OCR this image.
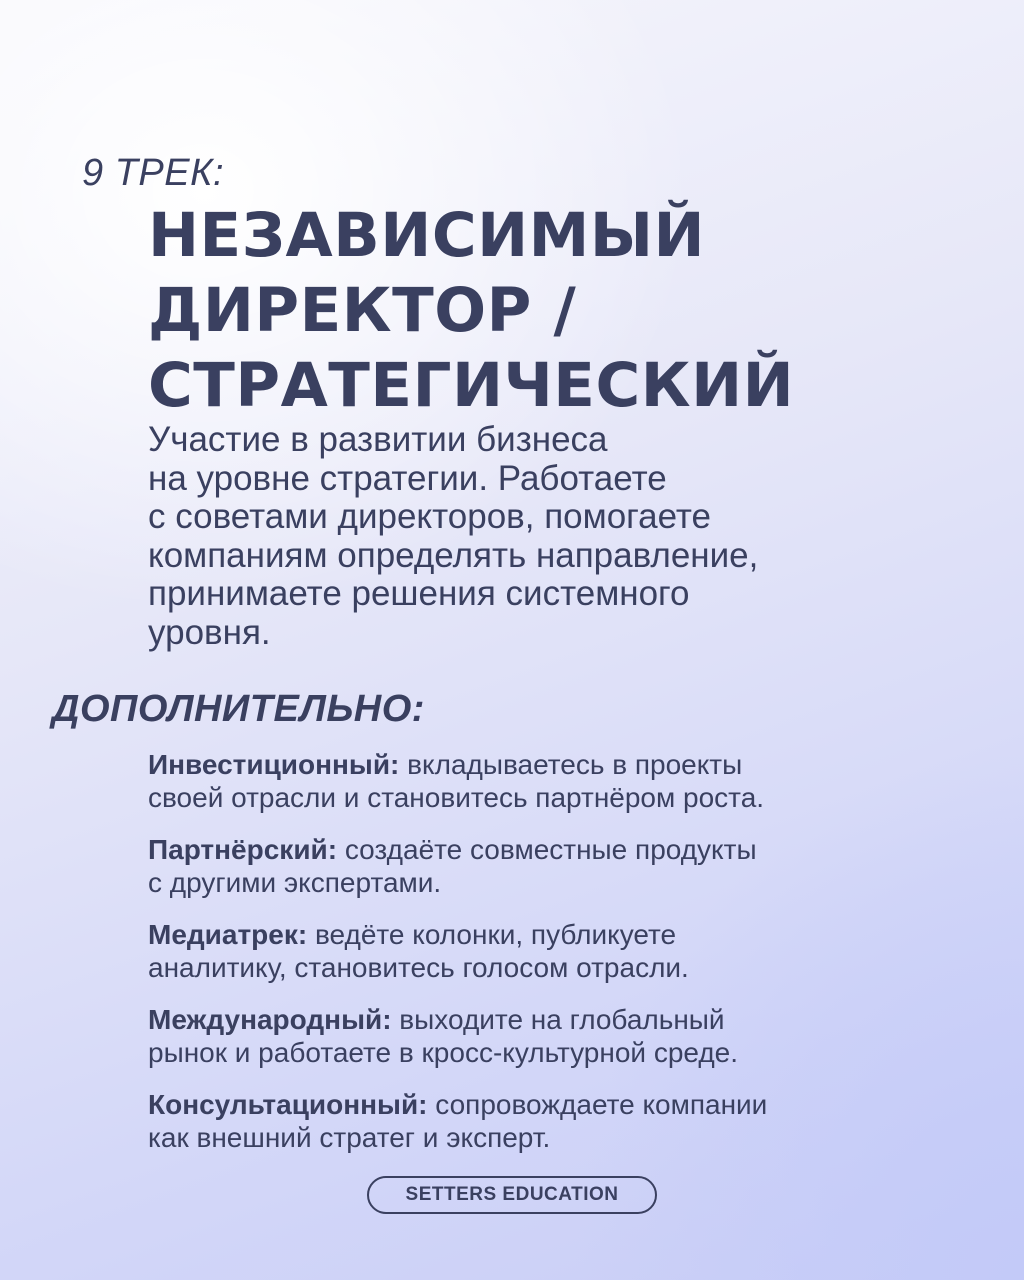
9 ТРЕК:

НЕЗАВИСИМЫЙ
ДИРЕКТОР /
СТРАТЕГИЧЕСКИЙ

Участие в развитии бизнеса
на уровне стратегии. Работаете
с советами директоров, помогаете
компаниям определять направление,
принимаете решения системного
уровня.

ДОПОЛНИТЕЛЬНО:
Инвестиционный: вкладываетесь в проекты
своей отрасли и становитесь партнёром роста.
Партнёрский: создаёте совместные продукты
с другими экспертами.
Медиатрек: ведёте колонки, публикуете
аналитику, становитесь голосом отрасли.
Международный: выходите на глобальный
рынок и работаете в кросс-культурной среде.
Консультационный: сопровождаете компании
как внешний стратег и эксперт.
SETTERS EDUCATION
